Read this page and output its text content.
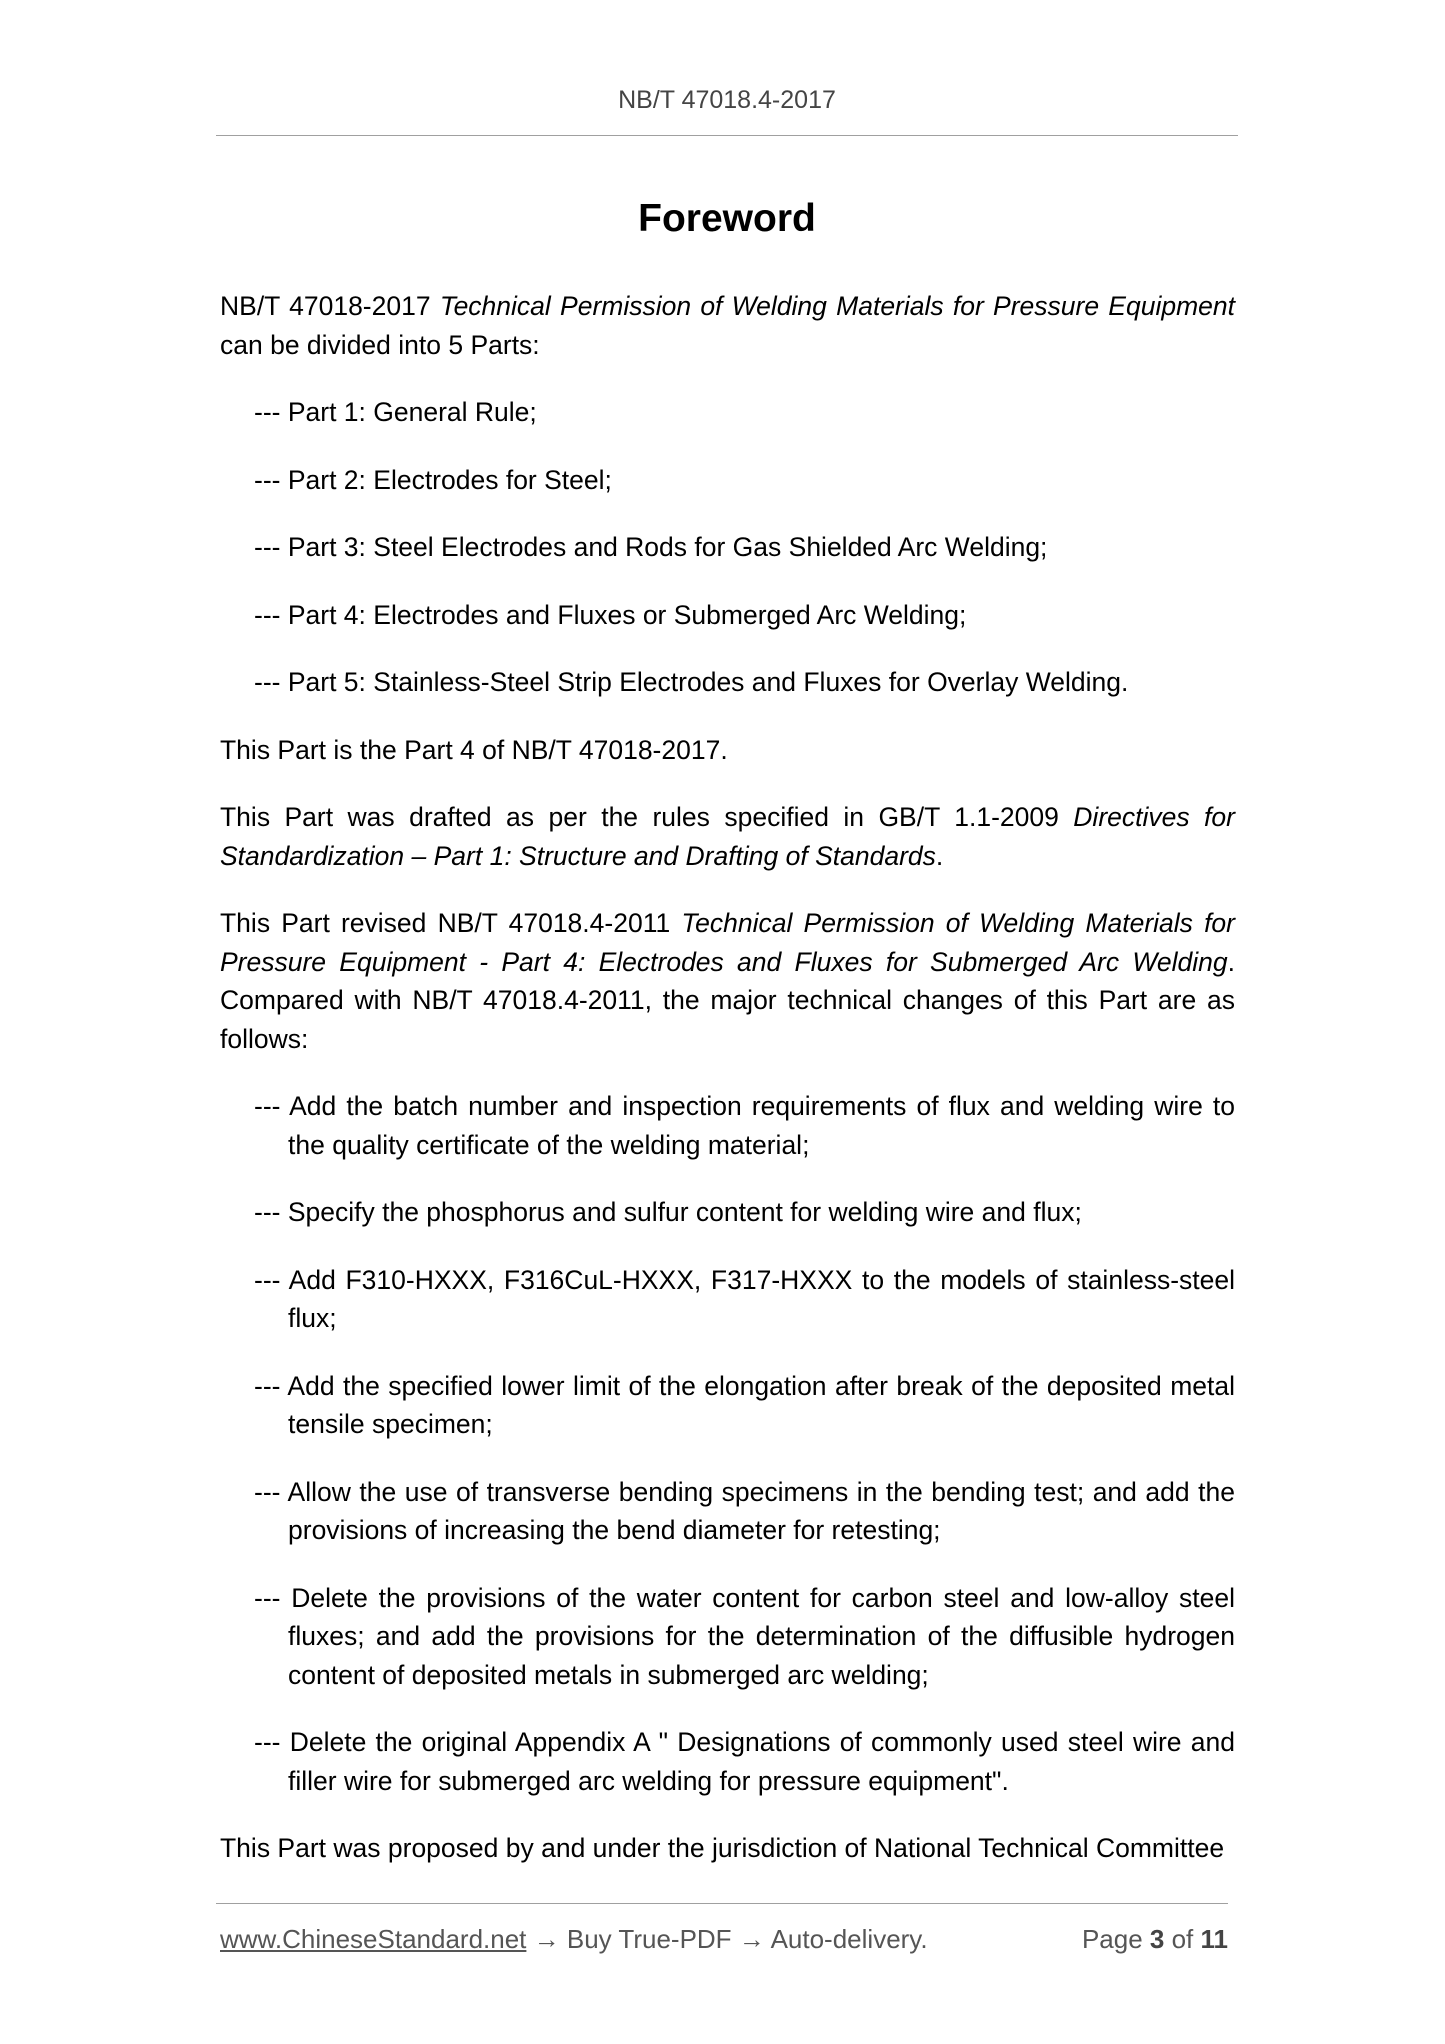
NB/T 47018.4-2017
Foreword

NB/T 47018-2017 Technical Permission of Welding Materials for Pressure Equipment can be divided into 5 Parts:

--- Part 1: General Rule;
--- Part 2: Electrodes for Steel;
--- Part 3: Steel Electrodes and Rods for Gas Shielded Arc Welding;
--- Part 4: Electrodes and Fluxes or Submerged Arc Welding;
--- Part 5: Stainless-Steel Strip Electrodes and Fluxes for Overlay Welding.

This Part is the Part 4 of NB/T 47018-2017.

This Part was drafted as per the rules specified in GB/T 1.1-2009 Directives for Standardization – Part 1: Structure and Drafting of Standards.

This Part revised NB/T 47018.4-2011 Technical Permission of Welding Materials for Pressure Equipment - Part 4: Electrodes and Fluxes for Submerged Arc Welding. Compared with NB/T 47018.4-2011, the major technical changes of this Part are as follows:

--- Add the batch number and inspection requirements of flux and welding wire to the quality certificate of the welding material;
--- Specify the phosphorus and sulfur content for welding wire and flux;
--- Add F310-HXXX, F316CuL-HXXX, F317-HXXX to the models of stainless-steel flux;
--- Add the specified lower limit of the elongation after break of the deposited metal tensile specimen;
--- Allow the use of transverse bending specimens in the bending test; and add the provisions of increasing the bend diameter for retesting;
--- Delete the provisions of the water content for carbon steel and low-alloy steel fluxes; and add the provisions for the determination of the diffusible hydrogen content of deposited metals in submerged arc welding;
--- Delete the original Appendix A " Designations of commonly used steel wire and filler wire for submerged arc welding for pressure equipment".

This Part was proposed by and under the jurisdiction of National Technical Committee

www.ChineseStandard.net → Buy True-PDF → Auto-delivery.	Page 3 of 11
